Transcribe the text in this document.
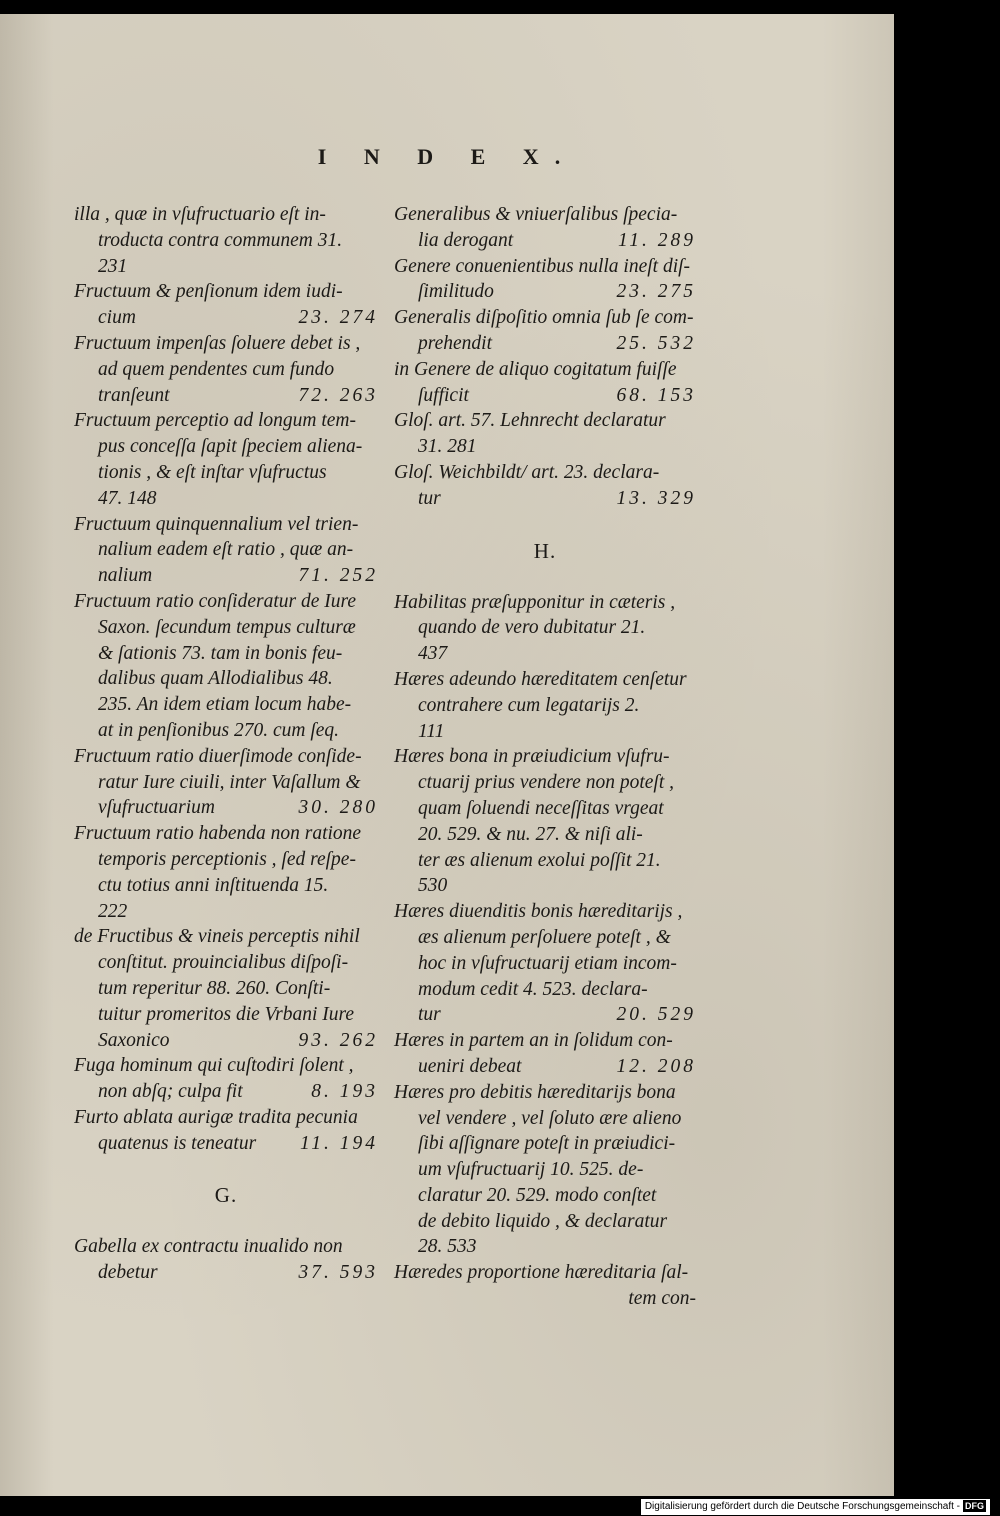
I N D E X.
illa , quæ in vſufructuario eſt in-
troducta contra communem 31.
231
Fructuum & penſionum idem iudi-
cium	23. 274
Fructuum impenſas ſoluere debet is ,
ad quem pendentes cum fundo
tranſeunt	72. 263
Fructuum perceptio ad longum tem-
pus conceſſa ſapit ſpeciem aliena-
tionis , & eſt inſtar vſufructus
47. 148
Fructuum quinquennalium vel trien-
nalium eadem eſt ratio , quæ an-
nalium	71. 252
Fructuum ratio conſideratur de Iure
Saxon. ſecundum tempus culturæ
& ſationis 73. tam in bonis feu-
dalibus quam Allodialibus 48.
235. An idem etiam locum habe-
at in penſionibus 270. cum ſeq.
Fructuum ratio diuerſimode conſide-
ratur Iure ciuili, inter Vaſallum &
vſufructuarium	30. 280
Fructuum ratio habenda non ratione
temporis perceptionis , ſed reſpe-
ctu totius anni inſtituenda 15.
222
de Fructibus & vineis perceptis nihil
conſtitut. prouincialibus diſpoſi-
tum reperitur 88. 260. Conſti-
tuitur promeritos die Vrbani Iure
Saxonico	93. 262
Fuga hominum qui cuſtodiri ſolent ,
non abſq; culpa fit	8. 193
Furto ablata aurigæ tradita pecunia
quatenus is teneatur 11. 194
G.
Gabella ex contractu inualido non
debetur	37. 593
Generalibus & vniuerſalibus ſpecia-
lia derogant	11. 289
Genere conuenientibus nulla ineſt diſ-
ſimilitudo	23. 275
Generalis diſpoſitio omnia ſub ſe com-
prehendit	25. 532
in Genere de aliquo cogitatum fuiſſe
ſufficit	68. 153
Gloſ. art. 57. Lehnrecht declaratur
31. 281
Gloſ. Weichbildt/ art. 23. declara-
tur	13. 329
H.
Habilitas præſupponitur in cæteris ,
quando de vero dubitatur 21.
437
Hæres adeundo hæreditatem cenſetur
contrahere cum legatarijs 2.
111
Hæres bona in præiudicium vſufru-
ctuarij prius vendere non poteſt ,
quam ſoluendi neceſſitas vrgeat
20. 529. & nu. 27. & niſi ali-
ter æs alienum exolui poſſit 21.
530
Hæres diuenditis bonis hæreditarijs ,
æs alienum perſoluere poteſt , &
hoc in vſufructuarij etiam incom-
modum cedit 4. 523. declara-
tur	20. 529
Hæres in partem an in ſolidum con-
ueniri debeat	12. 208
Hæres pro debitis hæreditarijs bona
vel vendere , vel ſoluto ære alieno
ſibi aſſignare poteſt in præiudici-
um vſufructuarij 10. 525. de-
claratur 20. 529. modo conſtet
de debito liquido , & declaratur
28. 533
Hæredes proportione hæreditaria ſal-
tem con-
Digitalisierung gefördert durch die Deutsche Forschungsgemeinschaft - DFG
